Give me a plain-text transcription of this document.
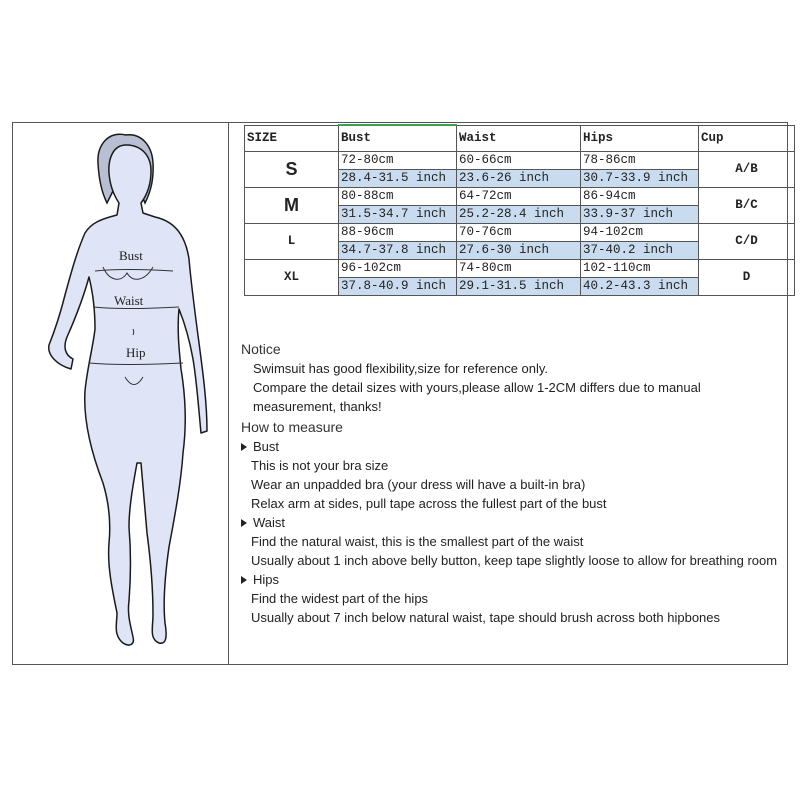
Bust
Waist
Hip
SIZE	Bust	Waist	Hips	Cup
S	72-80cm	60-66cm	78-86cm	A/B
	28.4-31.5 inch	23.6-26 inch	30.7-33.9 inch	
M	80-88cm	64-72cm	86-94cm	B/C
	31.5-34.7 inch	25.2-28.4 inch	33.9-37 inch	
L	88-96cm	70-76cm	94-102cm	C/D
	34.7-37.8 inch	27.6-30 inch	37-40.2 inch	
XL	96-102cm	74-80cm	102-110cm	D
	37.8-40.9 inch	29.1-31.5 inch	40.2-43.3 inch	
Notice
Swimsuit has good flexibility,size for reference only.
Compare the detail sizes with yours,please allow 1-2CM differs due to manual
measurement, thanks!
How to measure
Bust
This is not your bra size
Wear an unpadded bra (your dress will have a built-in bra)
Relax arm at sides, pull tape across the fullest part of the bust
Waist
Find the natural waist, this is the smallest part of the waist
Usually about 1 inch above belly button, keep tape slightly loose to allow for breathing room
Hips
Find the widest part of the hips
Usually about 7 inch below natural waist, tape should brush across both hipbones
